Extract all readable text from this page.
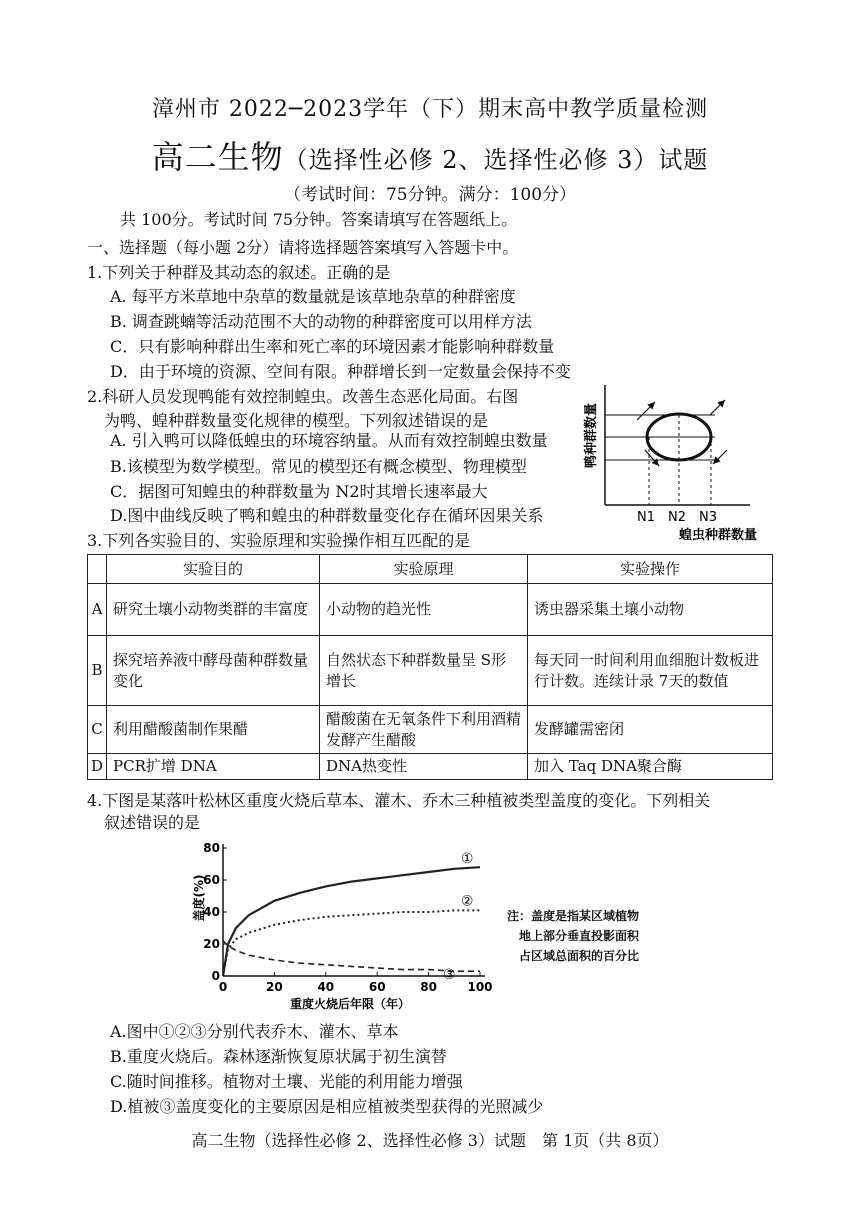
漳州市 2022─2023学年（下）期末高中教学质量检测
高二生物（选择性必修 2、选择性必修 3）试题
（考试时间：75分钟。满分：100分）
共 100分。考试时间 75分钟。答案请填写在答题纸上。
一、选择题（每小题 2分）请将选择题答案填写入答题卡中。
1.下列关于种群及其动态的叙述。正确的是
A. 每平方米草地中杂草的数量就是该草地杂草的种群密度
B. 调查跳蝻等活动范围不大的动物的种群密度可以用样方法
C．只有影响种群出生率和死亡率的环境因素才能影响种群数量
D．由于环境的资源、空间有限。种群增长到一定数量会保持不变
2.科研人员发现鸭能有效控制蝗虫。改善生态恶化局面。右图
为鸭、蝗种群数量变化规律的模型。下列叙述错误的是
A. 引入鸭可以降低蝗虫的环境容纳量。从而有效控制蝗虫数量
B.该模型为数学模型。常见的模型还有概念模型、物理模型
C．据图可知蝗虫的种群数量为 N2时其增长速率最大
D.图中曲线反映了鸭和蝗虫的种群数量变化存在循环因果关系
鸭种群数量
N1 N2 N3
蝗虫种群数量
3.下列各实验目的、实验原理和实验操作相互匹配的是
	实验目的	实验原理	实验操作
A	研究土壤小动物类群的丰富度	小动物的趋光性	诱虫器采集土壤小动物
B	探究培养液中酵母菌种群数量变化	自然状态下种群数量呈 S形增长	每天同一时间利用血细胞计数板进行计数。连续计录 7天的数值
C	利用醋酸菌制作果醋	醋酸菌在无氧条件下利用酒精发酵产生醋酸	发酵罐需密闭
D	PCR扩增 DNA	DNA热变性	加入 Taq DNA聚合酶
4.下图是某落叶松林区重度火烧后草本、灌木、乔木三种植被类型盖度的变化。下列相关
叙述错误的是
0	20	40	60	80	100
0
20
40
60
80
①
②
③
盖度(%)
重度火烧后年限（年）
注：盖度是指某区域植物
地上部分垂直投影面积
占区域总面积的百分比
A.图中①②③分别代表乔木、灌木、草本
B.重度火烧后。森林逐渐恢复原状属于初生演替
C.随时间推移。植物对土壤、光能的利用能力增强
D.植被③盖度变化的主要原因是相应植被类型获得的光照减少
高二生物（选择性必修 2、选择性必修 3）试题　第 1页（共 8页）
